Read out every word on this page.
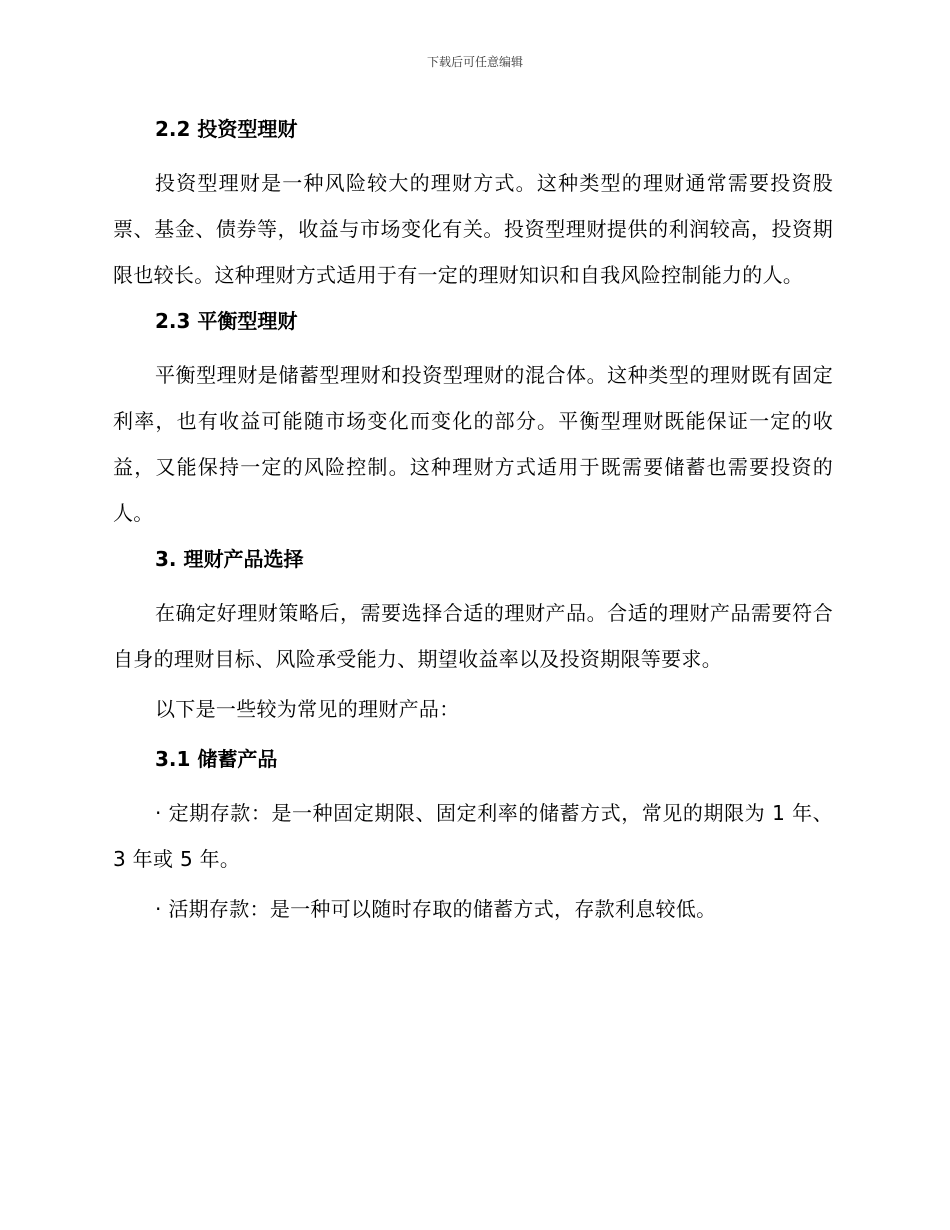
下载后可任意编辑
2.2 投资型理财

投资型理财是一种风险较大的理财方式。这种类型的理财通常需要投资股票、基金、债券等，收益与市场变化有关。投资型理财提供的利润较高，投资期限也较长。这种理财方式适用于有一定的理财知识和自我风险控制能力的人。

2.3 平衡型理财

平衡型理财是储蓄型理财和投资型理财的混合体。这种类型的理财既有固定利率，也有收益可能随市场变化而变化的部分。平衡型理财既能保证一定的收益，又能保持一定的风险控制。这种理财方式适用于既需要储蓄也需要投资的人。

3. 理财产品选择

在确定好理财策略后，需要选择合适的理财产品。合适的理财产品需要符合自身的理财目标、风险承受能力、期望收益率以及投资期限等要求。

以下是一些较为常见的理财产品：

3.1 储蓄产品

· 定期存款：是一种固定期限、固定利率的储蓄方式，常见的期限为 1 年、3 年或 5 年。

· 活期存款：是一种可以随时存取的储蓄方式，存款利息较低。
